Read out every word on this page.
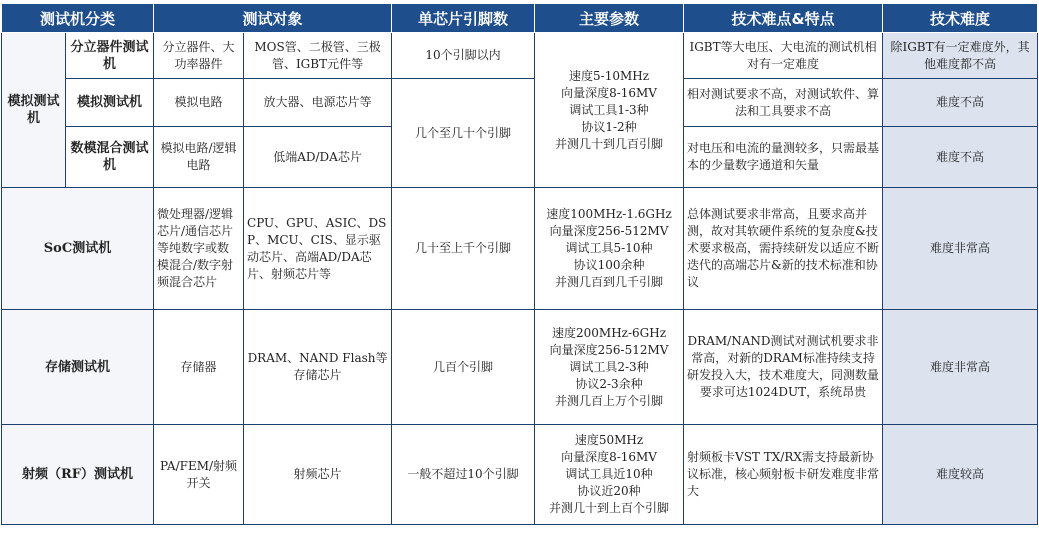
测试机分类		测试对象		单芯片引脚数	主要参数	技术难点&特点	技术难度
模拟测试机	分立器件测试机	分立器件、大功率器件	MOS管、二极管、三极管、IGBT元件等	10个引脚以内	速度5-10MHz
向量深度8-16MV
调试工具1-3种
协议1-2种
并测几十到几百引脚	IGBT等大电压、大电流的测试机相对有一定难度	除IGBT有一定难度外，其他难度都不高
	模拟测试机	模拟电路	放大器、电源芯片等	几个至几十个引脚		相对测试要求不高，对测试软件、算法和工具要求不高	难度不高
	数模混合测试机	模拟电路/逻辑电路	低端AD/DA芯片			对电压和电流的量测较多，只需最基本的少量数字通道和矢量	难度不高
SoC测试机		微处理器/逻辑芯片/通信芯片等纯数字或数模混合/数字射频混合芯片	CPU、GPU、ASIC、DSP、MCU、CIS、显示驱动芯片、高端AD/DA芯片、射频芯片等	几十至上千个引脚	速度100MHz-1.6GHz
向量深度256-512MV
调试工具5-10种
协议100余种
并测几百到几千引脚	总体测试要求非常高，且要求高并测，故对其软硬件系统的复杂度&技术要求极高，需持续研发以适应不断迭代的高端芯片&新的技术标准和协议	难度非常高
存储测试机		存储器	DRAM、NAND Flash等存储芯片	几百个引脚	速度200MHz-6GHz
向量深度256-512MV
调试工具2-3种
协议2-3余种
并测几百上万个引脚	DRAM/NAND测试对测试机要求非常高，对新的DRAM标准持续支持研发投入大，技术难度大，同测数量要求可达1024DUT，系统昂贵	难度非常高
射频（RF）测试机		PA/FEM/射频开关	射频芯片	一般不超过10个引脚	速度50MHz
向量深度8-16MV
调试工具近10种
协议近20种
并测几十到上百个引脚	射频板卡VST TX/RX需支持最新协议标准，核心频射板卡研发难度非常大	难度较高
